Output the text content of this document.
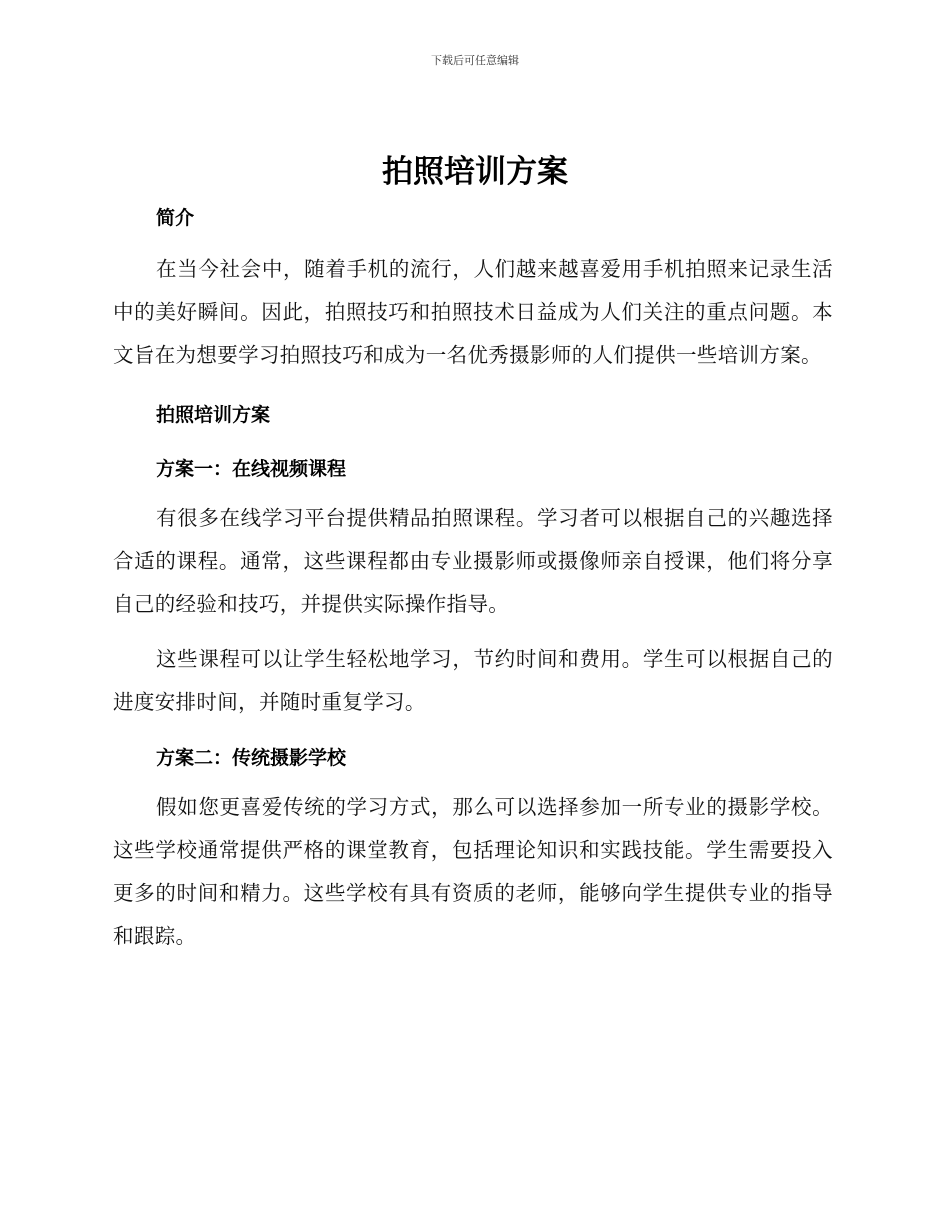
下载后可任意编辑
拍照培训方案
简介

在当今社会中，随着手机的流行，人们越来越喜爱用手机拍照来记录生活中的美好瞬间。因此，拍照技巧和拍照技术日益成为人们关注的重点问题。本文旨在为想要学习拍照技巧和成为一名优秀摄影师的人们提供一些培训方案。

拍照培训方案
方案一：在线视频课程

有很多在线学习平台提供精品拍照课程。学习者可以根据自己的兴趣选择合适的课程。通常，这些课程都由专业摄影师或摄像师亲自授课，他们将分享自己的经验和技巧，并提供实际操作指导。

这些课程可以让学生轻松地学习，节约时间和费用。学生可以根据自己的进度安排时间，并随时重复学习。

方案二：传统摄影学校

假如您更喜爱传统的学习方式，那么可以选择参加一所专业的摄影学校。这些学校通常提供严格的课堂教育，包括理论知识和实践技能。学生需要投入更多的时间和精力。这些学校有具有资质的老师，能够向学生提供专业的指导和跟踪。
